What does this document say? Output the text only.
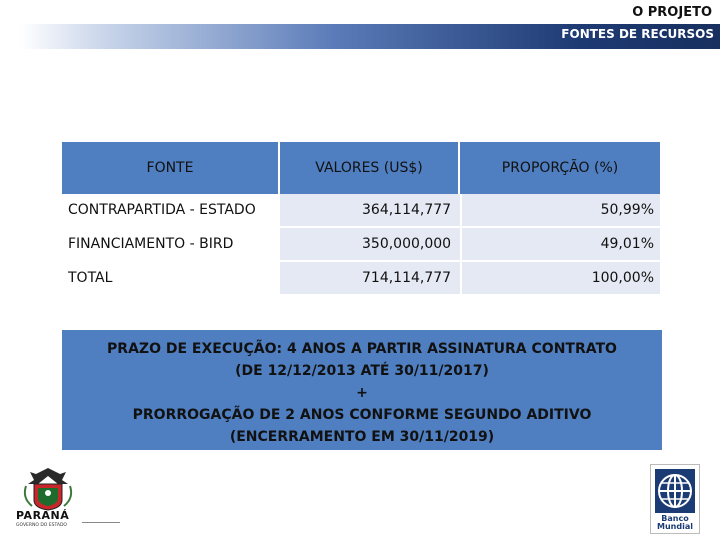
O PROJETO
FONTES DE RECURSOS
FONTE	VALORES (US$)	PROPORÇÃO (%)
CONTRAPARTIDA - ESTADO	364,114,777	50,99%
FINANCIAMENTO - BIRD	350,000,000	49,01%
TOTAL	714,114,777	100,00%
PRAZO DE EXECUÇÃO: 4 ANOS A PARTIR ASSINATURA CONTRATO
(DE 12/12/2013 ATÉ 30/11/2017)
+
PRORROGAÇÃO DE 2 ANOS CONFORME SEGUNDO ADITIVO
(ENCERRAMENTO EM 30/11/2019)
PARANÁ
GOVERNO DO ESTADO
Banco
Mundial
